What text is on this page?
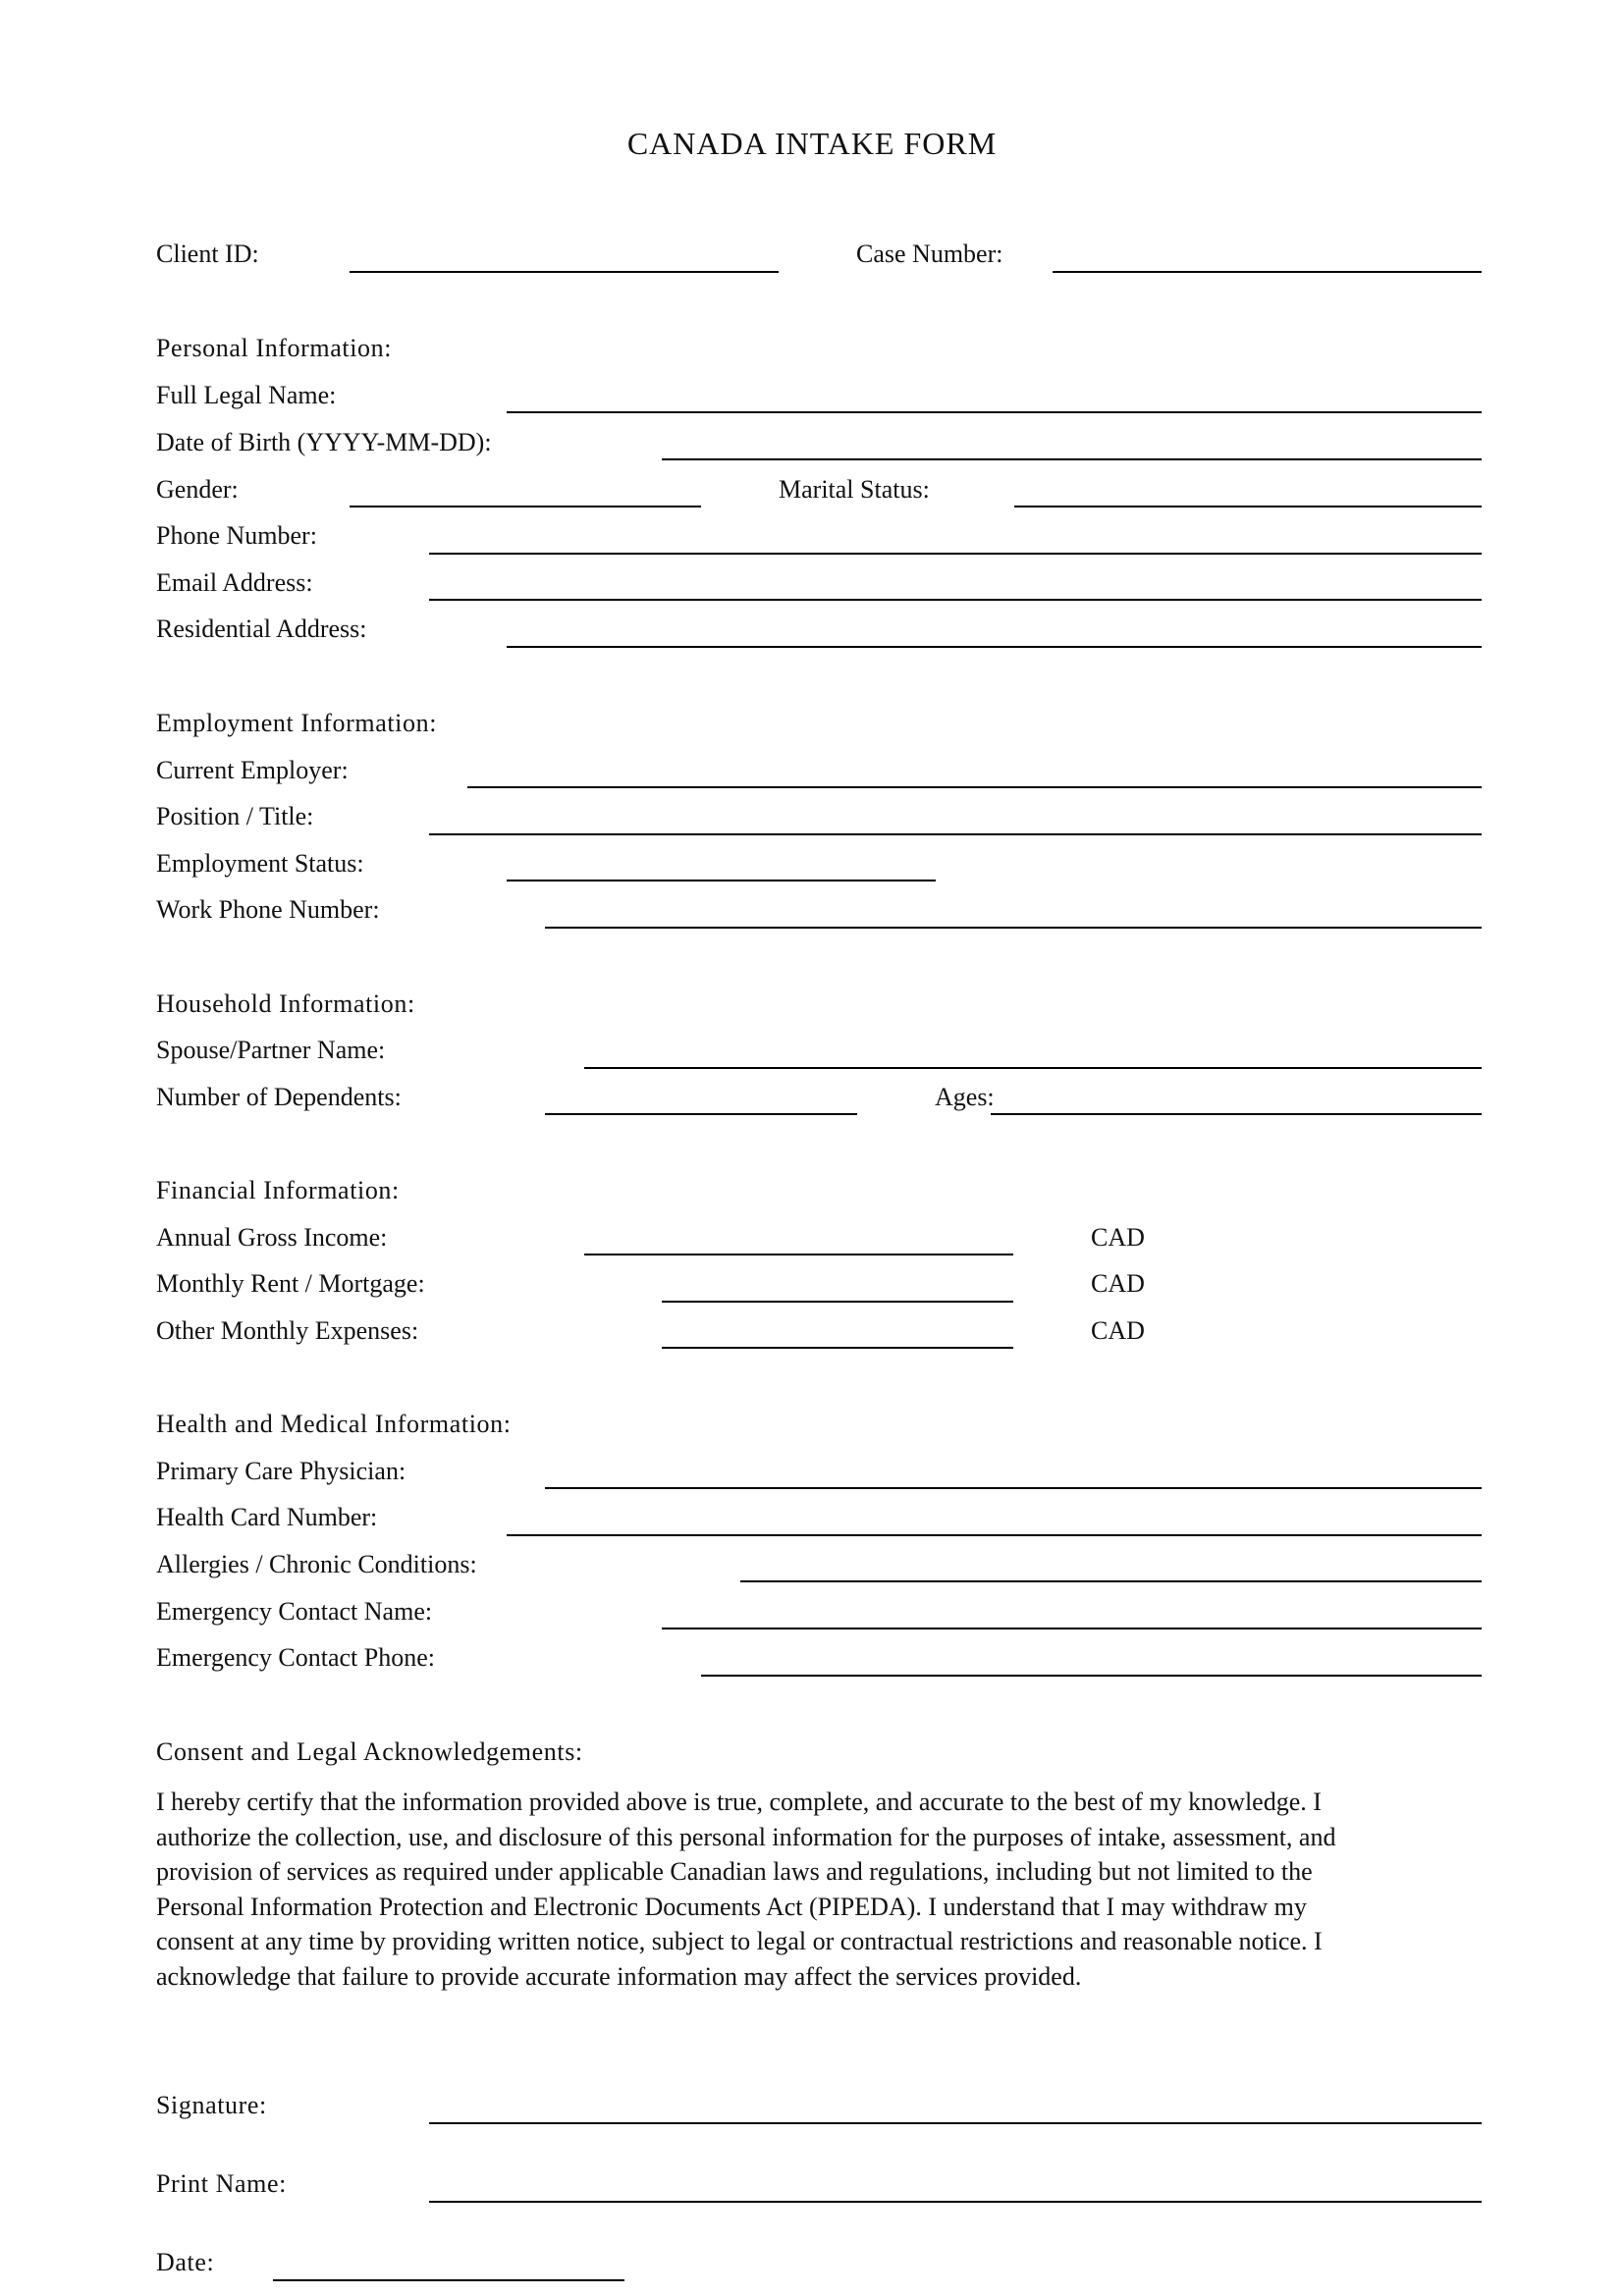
CANADA INTAKE FORM
Client ID:	Case Number:
Personal Information:
Full Legal Name:
Date of Birth (YYYY-MM-DD):
Gender:	Marital Status:
Phone Number:
Email Address:
Residential Address:
Employment Information:
Current Employer:
Position / Title:
Employment Status:
Work Phone Number:
Household Information:
Spouse/Partner Name:
Number of Dependents:	Ages:
Financial Information:
Annual Gross Income:	CAD
Monthly Rent / Mortgage:	CAD
Other Monthly Expenses:	CAD
Health and Medical Information:
Primary Care Physician:
Health Card Number:
Allergies / Chronic Conditions:
Emergency Contact Name:
Emergency Contact Phone:
Consent and Legal Acknowledgements:
I hereby certify that the information provided above is true, complete, and accurate to the best of my knowledge. I
authorize the collection, use, and disclosure of this personal information for the purposes of intake, assessment, and
provision of services as required under applicable Canadian laws and regulations, including but not limited to the
Personal Information Protection and Electronic Documents Act (PIPEDA). I understand that I may withdraw my
consent at any time by providing written notice, subject to legal or contractual restrictions and reasonable notice. I
acknowledge that failure to provide accurate information may affect the services provided.
Signature:
Print Name:
Date:
